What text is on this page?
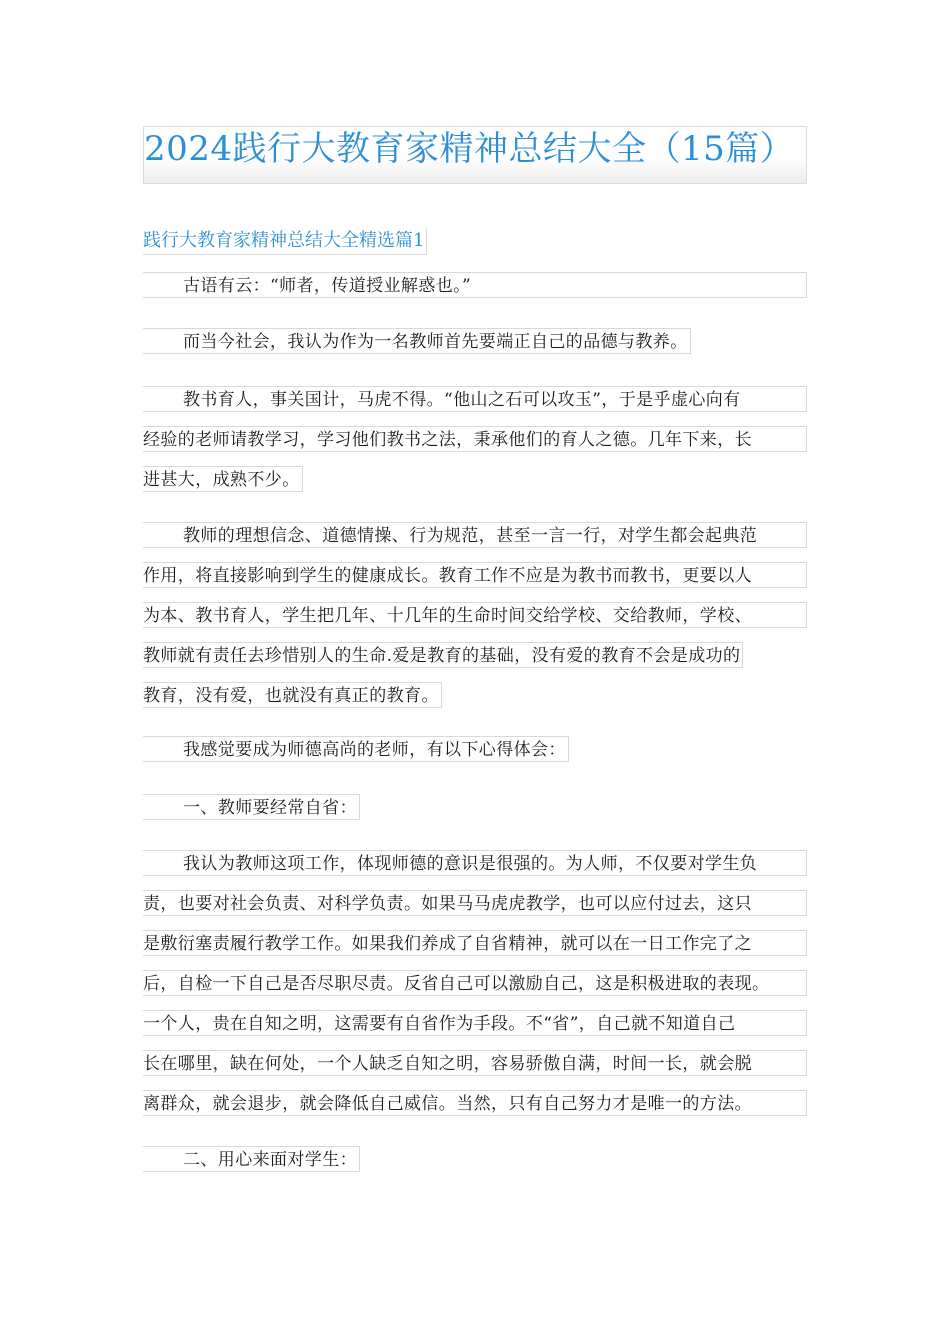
2024践行大教育家精神总结大全（15篇）
践行大教育家精神总结大全精选篇1
古语有云：“师者，传道授业解惑也。”
而当今社会，我认为作为一名教师首先要端正自己的品德与教养。
教书育人，事关国计，马虎不得。“他山之石可以攻玉”，于是乎虚心向有
经验的老师请教学习，学习他们教书之法，秉承他们的育人之德。几年下来，长
进甚大，成熟不少。
教师的理想信念、道德情操、行为规范，甚至一言一行，对学生都会起典范
作用，将直接影响到学生的健康成长。教育工作不应是为教书而教书，更要以人
为本、教书育人，学生把几年、十几年的生命时间交给学校、交给教师，学校、
教师就有责任去珍惜别人的生命.爱是教育的基础，没有爱的教育不会是成功的
教育，没有爱，也就没有真正的教育。
我感觉要成为师德高尚的老师，有以下心得体会：
一、教师要经常自省：
我认为教师这项工作，体现师德的意识是很强的。为人师，不仅要对学生负
责，也要对社会负责、对科学负责。如果马马虎虎教学，也可以应付过去，这只
是敷衍塞责履行教学工作。如果我们养成了自省精神，就可以在一日工作完了之
后，自检一下自己是否尽职尽责。反省自己可以激励自己，这是积极进取的表现。
一个人，贵在自知之明，这需要有自省作为手段。不“省”，自己就不知道自己
长在哪里，缺在何处，一个人缺乏自知之明，容易骄傲自满，时间一长，就会脱
离群众，就会退步，就会降低自己威信。当然，只有自己努力才是唯一的方法。
二、用心来面对学生：
